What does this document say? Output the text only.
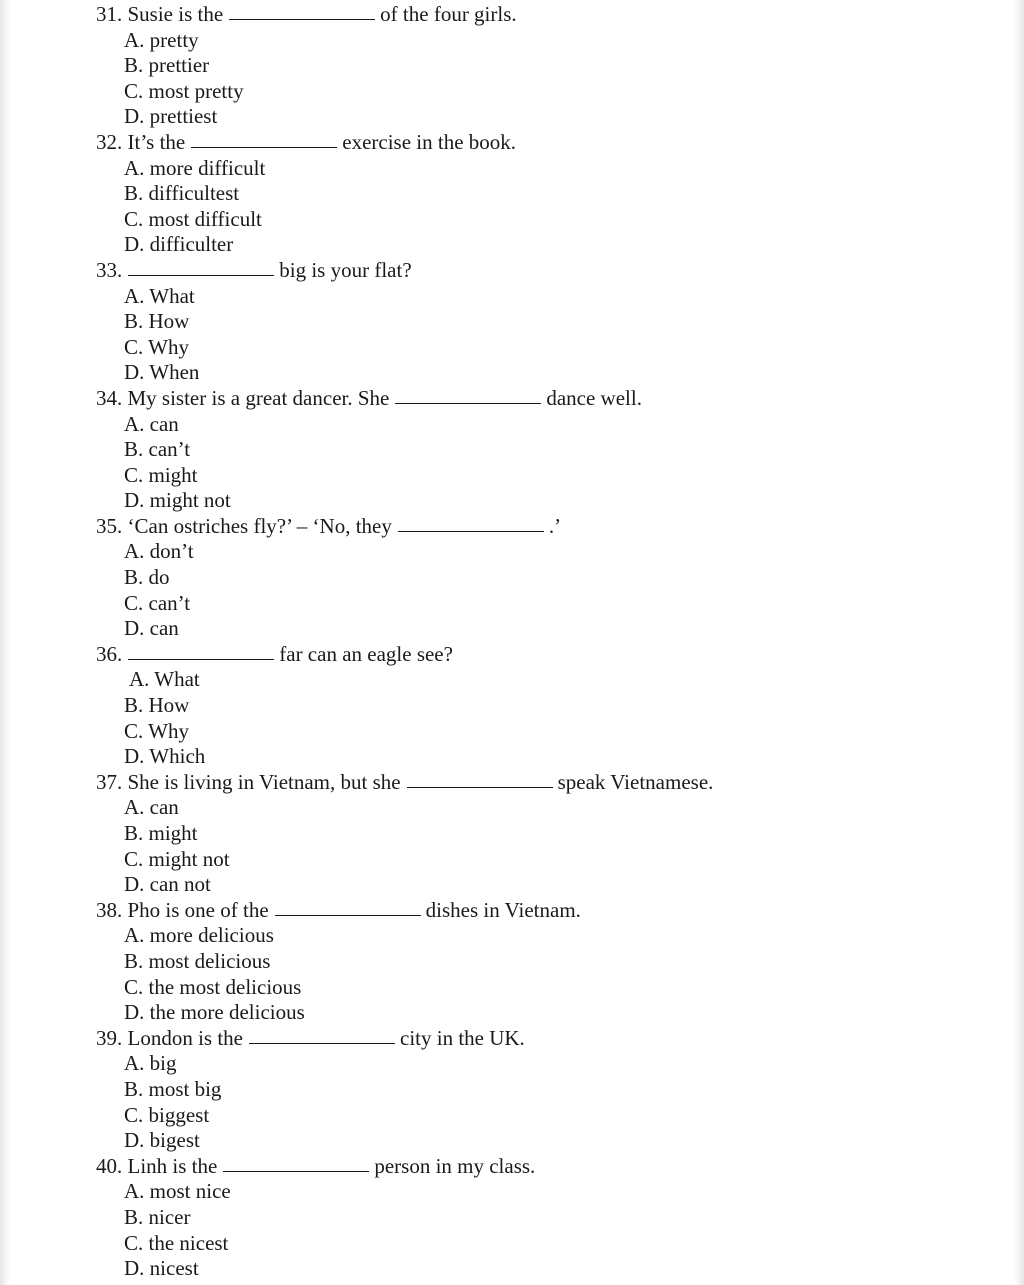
31.
Susie is the	of the four girls.
A. pretty
B. prettier
C. most pretty
D. prettiest
32.
It’s the	exercise in the book.
A. more difficult
B. difficultest
C. most difficult
D. difficulter
33.	big is your flat?
A. What
B. How
C. Why
D. When
34.
My sister is a great dancer. She	dance well.
A. can
B. can’t
C. might
D. might not
35.
‘Can ostriches fly?’ – ‘No, they	.’
A. don’t
B. do
C. can’t
D. can
36.	far can an eagle see?
A. What
B. How
C. Why
D. Which
37.
She is living in Vietnam, but she	speak Vietnamese.
A. can
B. might
C. might not
D. can not
38.
Pho is one of the	dishes in Vietnam.
A. more delicious
B. most delicious
C. the most delicious
D. the more delicious
39.
London is the	city in the UK.
A. big
B. most big
C. biggest
D. bigest
40.
Linh is the	person in my class.
A. most nice
B. nicer
C. the nicest
D. nicest
